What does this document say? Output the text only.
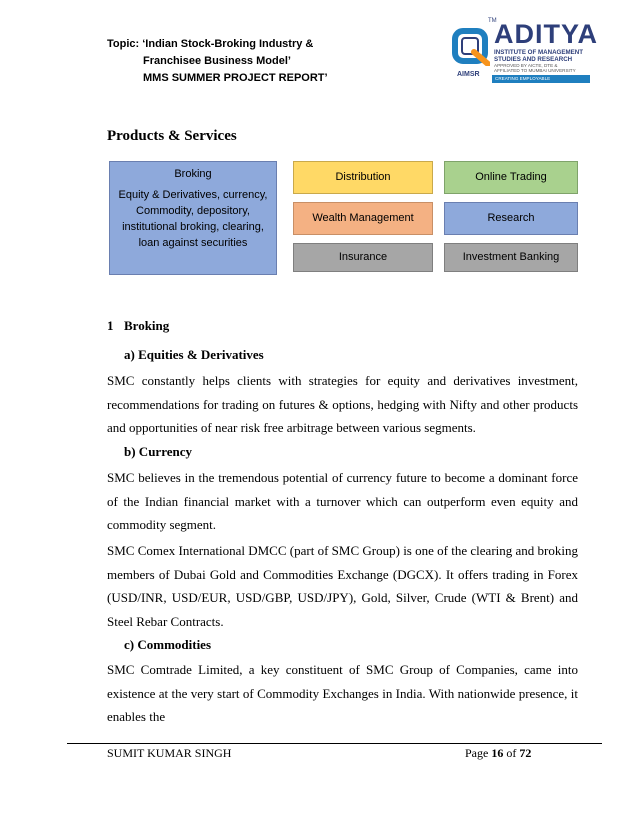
Topic: ‘Indian Stock-Broking Industry &
Franchisee Business Model’
MMS SUMMER PROJECT REPORT’
TM
ADITYA
INSTITUTE OF MANAGEMENT
STUDIES AND RESEARCH
APPROVED BY AICTE, DTE &
AFFILIATED TO MUMBAI UNIVERSITY
AIMSR
CREATING EMPLOYABLE PROFESSIONALS
Products & Services
Broking
Equity & Derivatives, currency, Commodity, depository, institutional broking, clearing, loan against securities
Distribution	Online Trading
Wealth Management	Research
Insurance	Investment Banking
1 Broking
a) Equities & Derivatives

SMC constantly helps clients with strategies for equity and derivatives investment, recommendations for trading on futures & options, hedging with Nifty and other products and opportunities of near risk free arbitrage between various segments.

b) Currency

SMC believes in the tremendous potential of currency future to become a dominant force of the Indian financial market with a turnover which can outperform even equity and commodity segment.

SMC Comex International DMCC (part of SMC Group) is one of the clearing and broking members of Dubai Gold and Commodities Exchange (DGCX). It offers trading in Forex (USD/INR, USD/EUR, USD/GBP, USD/JPY), Gold, Silver, Crude (WTI & Brent) and Steel Rebar Contracts.

c) Commodities

SMC Comtrade Limited, a key constituent of SMC Group of Companies, came into existence at the very start of Commodity Exchanges in India. With nationwide presence, it enables the

SUMIT KUMAR SINGH	Page 16 of 72
